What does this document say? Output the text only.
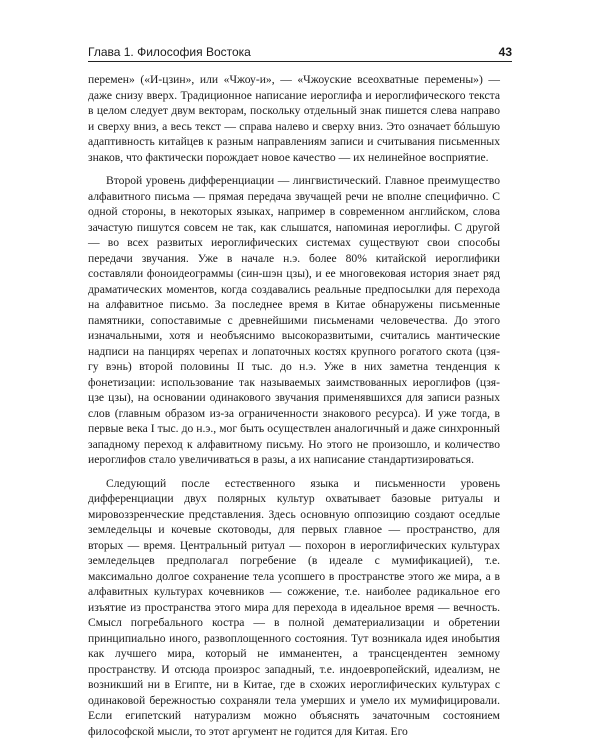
Глава 1. Философия Востока	43

перемен» («И-цзин», или «Чжоу-и», — «Чжоуские всеохватные перемены») — даже снизу вверх. Традиционное написание иероглифа и иероглифического текста в целом следует двум векторам, поскольку отдельный знак пишется слева направо и сверху вниз, а весь текст — справа налево и сверху вниз. Это означает бóльшую адаптивность китайцев к разным направлениям записи и считывания письменных знаков, что фактически порождает новое качество — их нелинейное восприятие.

Второй уровень дифференциации — лингвистический. Главное преимущество алфавитного письма — прямая передача звучащей речи не вполне специфично. С одной стороны, в некоторых языках, например в современном английском, слова зачастую пишутся совсем не так, как слышатся, напоминая иероглифы. С другой — во всех развитых иероглифических системах существуют свои способы передачи звучания. Уже в начале н.э. более 80% китайской иероглифики составляли фоноидеограммы (син-шэн цзы), и ее многовековая история знает ряд драматических моментов, когда создавались реальные предпосылки для перехода на алфавитное письмо. За последнее время в Китае обнаружены письменные памятники, сопоставимые с древнейшими письменами человечества. До этого изначальными, хотя и необъяснимо высокоразвитыми, считались мантические надписи на панцирях черепах и лопаточных костях крупного рогатого скота (цзя-гу вэнь) второй половины II тыс. до н.э. Уже в них заметна тенденция к фонетизации: использование так называемых заимствованных иероглифов (цзя-цзе цзы), на основании одинакового звучания применявшихся для записи разных слов (главным образом из-за ограниченности знакового ресурса). И уже тогда, в первые века I тыс. до н.э., мог быть осуществлен аналогичный и даже синхронный западному переход к алфавитному письму. Но этого не произошло, и количество иероглифов стало увеличиваться в разы, а их написание стандартизироваться.

Следующий после естественного языка и письменности уровень дифференциации двух полярных культур охватывает базовые ритуалы и мировоззренческие представления. Здесь основную оппозицию создают оседлые земледельцы и кочевые скотоводы, для первых главное — пространство, для вторых — время. Центральный ритуал — похорон в иероглифических культурах земледельцев предполагал погребение (в идеале с мумификацией), т.е. максимально долгое сохранение тела усопшего в пространстве этого же мира, а в алфавитных культурах кочевников — сожжение, т.е. наиболее радикальное его изъятие из пространства этого мира для перехода в идеальное время — вечность. Смысл погребального костра — в полной дематериализации и обретении принципиально иного, развоплощенного состояния. Тут возникала идея инобытия как лучшего мира, который не имманентен, а трансцендентен земному пространству. И отсюда произрос западный, т.е. индоевропейский, идеализм, не возникший ни в Египте, ни в Китае, где в схожих иероглифических культурах с одинаковой бережностью сохраняли тела умерших и умело их мумифицировали. Если египетский натурализм можно объяснять зачаточным состоянием философской мысли, то этот аргумент не годится для Китая. Его
